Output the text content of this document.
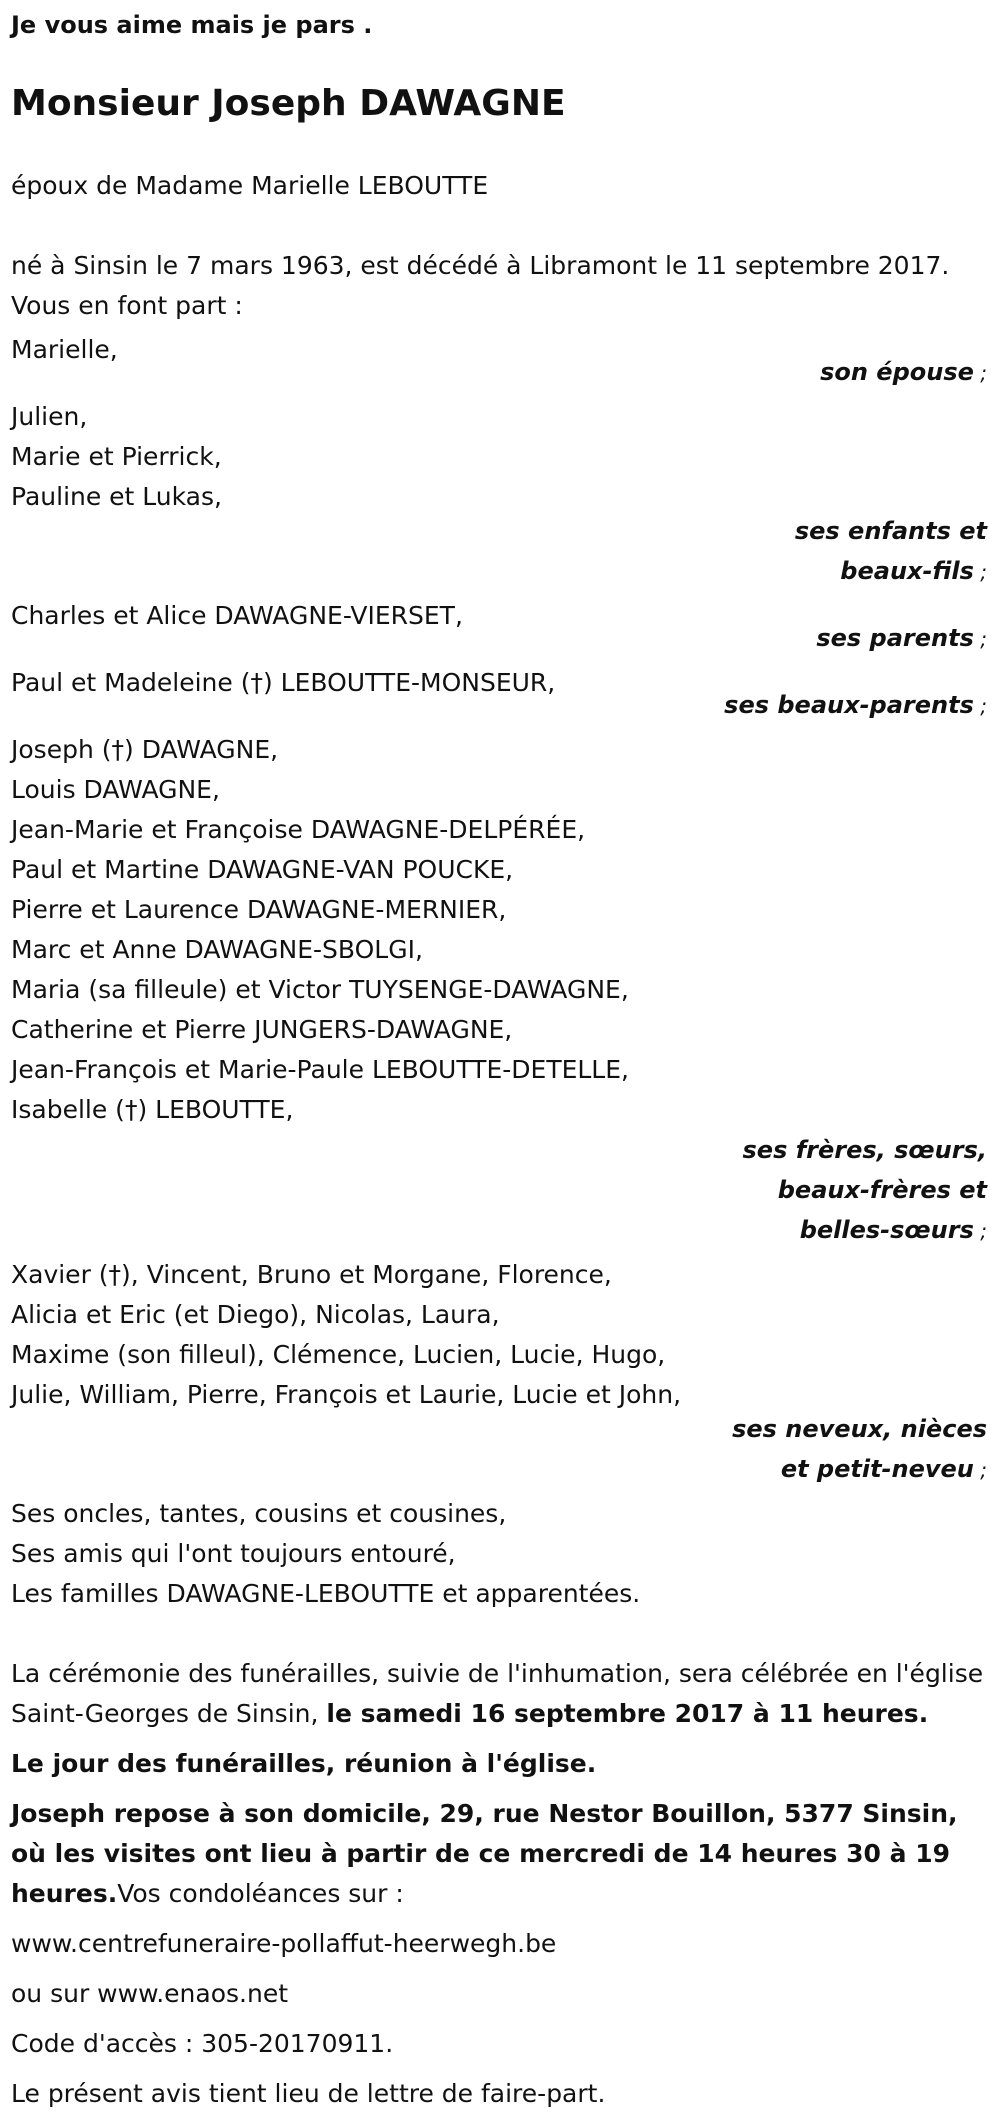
Je vous aime mais je pars .
Monsieur Joseph DAWAGNE
époux de Madame Marielle LEBOUTTE
né à Sinsin le 7 mars 1963, est décédé à Libramont le 11 septembre 2017.
Vous en font part :
Marielle,
son épouse ;
Julien,
Marie et Pierrick,
Pauline et Lukas,
ses enfants et
beaux-fils ;
Charles et Alice DAWAGNE-VIERSET,
ses parents ;
Paul et Madeleine (†) LEBOUTTE-MONSEUR,
ses beaux-parents ;
Joseph (†) DAWAGNE,
Louis DAWAGNE,
Jean-Marie et Françoise DAWAGNE-DELPÉRÉE,
Paul et Martine DAWAGNE-VAN POUCKE,
Pierre et Laurence DAWAGNE-MERNIER,
Marc et Anne DAWAGNE-SBOLGI,
Maria (sa filleule) et Victor TUYSENGE-DAWAGNE,
Catherine et Pierre JUNGERS-DAWAGNE,
Jean-François et Marie-Paule LEBOUTTE-DETELLE,
Isabelle (†) LEBOUTTE,
ses frères, sœurs,
beaux-frères et
belles-sœurs ;
Xavier (†), Vincent, Bruno et Morgane, Florence,
Alicia et Eric (et Diego), Nicolas, Laura,
Maxime (son filleul), Clémence, Lucien, Lucie, Hugo,
Julie, William, Pierre, François et Laurie, Lucie et John,
ses neveux, nièces
et petit-neveu ;
Ses oncles, tantes, cousins et cousines,
Ses amis qui l'ont toujours entouré,
Les familles DAWAGNE-LEBOUTTE et apparentées.
La cérémonie des funérailles, suivie de l'inhumation, sera célébrée en l'église Saint-Georges de Sinsin, le samedi 16 septembre 2017 à 11 heures.
Le jour des funérailles, réunion à l'église.
Joseph repose à son domicile, 29, rue Nestor Bouillon, 5377 Sinsin, où les visites ont lieu à partir de ce mercredi de 14 heures 30 à 19 heures.Vos condoléances sur :
www.centrefuneraire-pollaffut-heerwegh.be
ou sur www.enaos.net
Code d'accès : 305-20170911.
Le présent avis tient lieu de lettre de faire-part.
